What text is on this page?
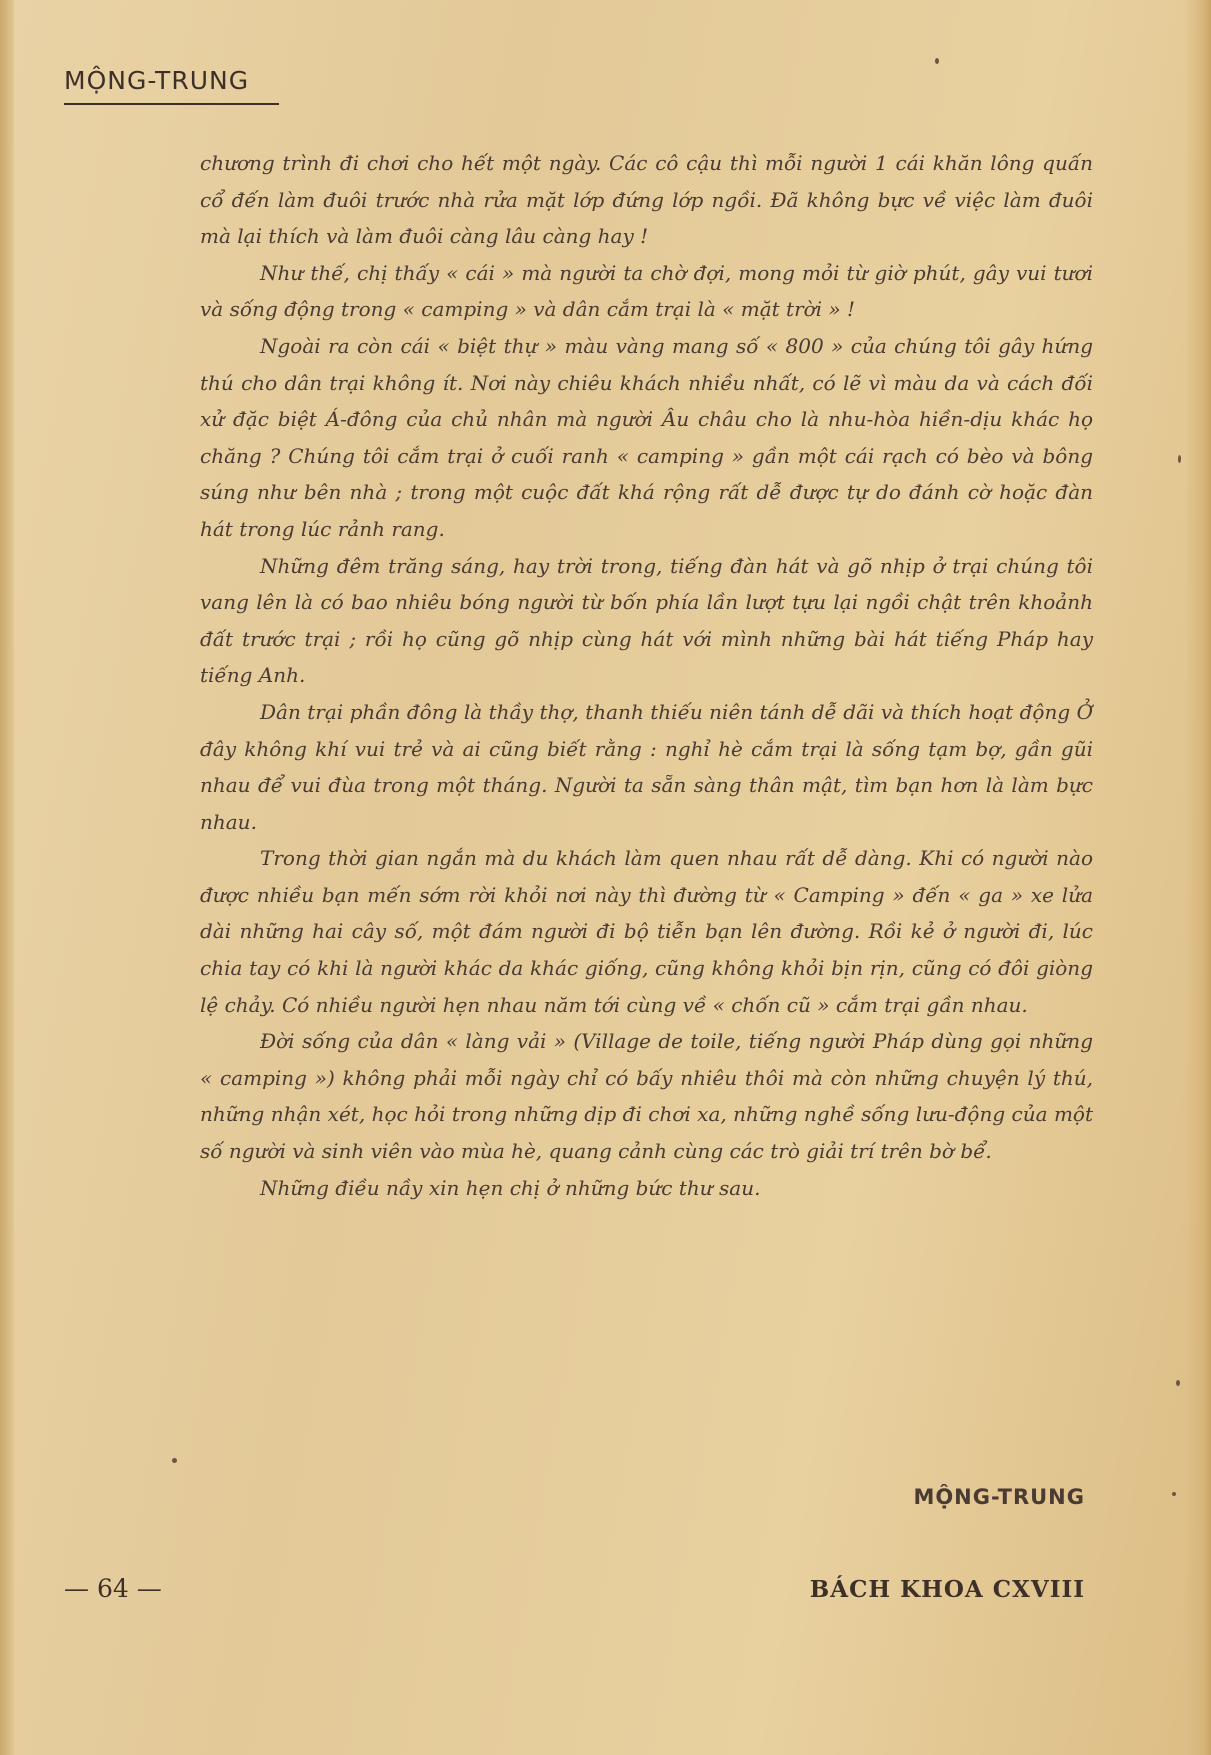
MỘNG-TRUNG

chương trình đi chơi cho hết một ngày. Các cô cậu thì mỗi người 1 cái khăn lông quấn cổ đến làm đuôi trước nhà rửa mặt lớp đứng lớp ngồi. Đã không bực về việc làm đuôi mà lại thích và làm đuôi càng lâu càng hay !

Như thế, chị thấy « cái » mà người ta chờ đợi, mong mỏi từ giờ phút, gây vui tươi và sống động trong « camping » và dân cắm trại là « mặt trời » !

Ngoài ra còn cái « biệt thự » màu vàng mang số « 800 » của chúng tôi gây hứng thú cho dân trại không ít. Nơi này chiêu khách nhiều nhất, có lẽ vì màu da và cách đối xử đặc biệt Á-đông của chủ nhân mà người Âu châu cho là nhu-hòa hiền-dịu khác họ chăng ? Chúng tôi cắm trại ở cuối ranh « camping » gần một cái rạch có bèo và bông súng như bên nhà ; trong một cuộc đất khá rộng rất dễ được tự do đánh cờ hoặc đàn hát trong lúc rảnh rang.

Những đêm trăng sáng, hay trời trong, tiếng đàn hát và gõ nhịp ở trại chúng tôi vang lên là có bao nhiêu bóng người từ bốn phía lần lượt tựu lại ngồi chật trên khoảnh đất trước trại ; rồi họ cũng gõ nhịp cùng hát với mình những bài hát tiếng Pháp hay tiếng Anh.

Dân trại phần đông là thầy thợ, thanh thiếu niên tánh dễ dãi và thích hoạt động Ở đây không khí vui trẻ và ai cũng biết rằng : nghỉ hè cắm trại là sống tạm bợ, gần gũi nhau để vui đùa trong một tháng. Người ta sẵn sàng thân mật, tìm bạn hơn là làm bực nhau.

Trong thời gian ngắn mà du khách làm quen nhau rất dễ dàng. Khi có người nào được nhiều bạn mến sớm rời khỏi nơi này thì đường từ « Camping » đến « ga » xe lửa dài những hai cây số, một đám người đi bộ tiễn bạn lên đường. Rồi kẻ ở người đi, lúc chia tay có khi là người khác da khác giống, cũng không khỏi bịn rịn, cũng có đôi giòng lệ chảy. Có nhiều người hẹn nhau năm tới cùng về « chốn cũ » cắm trại gần nhau.

Đời sống của dân « làng vải » (Village de toile, tiếng người Pháp dùng gọi những « camping ») không phải mỗi ngày chỉ có bấy nhiêu thôi mà còn những chuyện lý thú, những nhận xét, học hỏi trong những dịp đi chơi xa, những nghề sống lưu-động của một số người và sinh viên vào mùa hè, quang cảnh cùng các trò giải trí trên bờ bể.

Những điều nầy xin hẹn chị ở những bức thư sau.

MỘNG-TRUNG
— 64 —	BÁCH KHOA CXVIII
